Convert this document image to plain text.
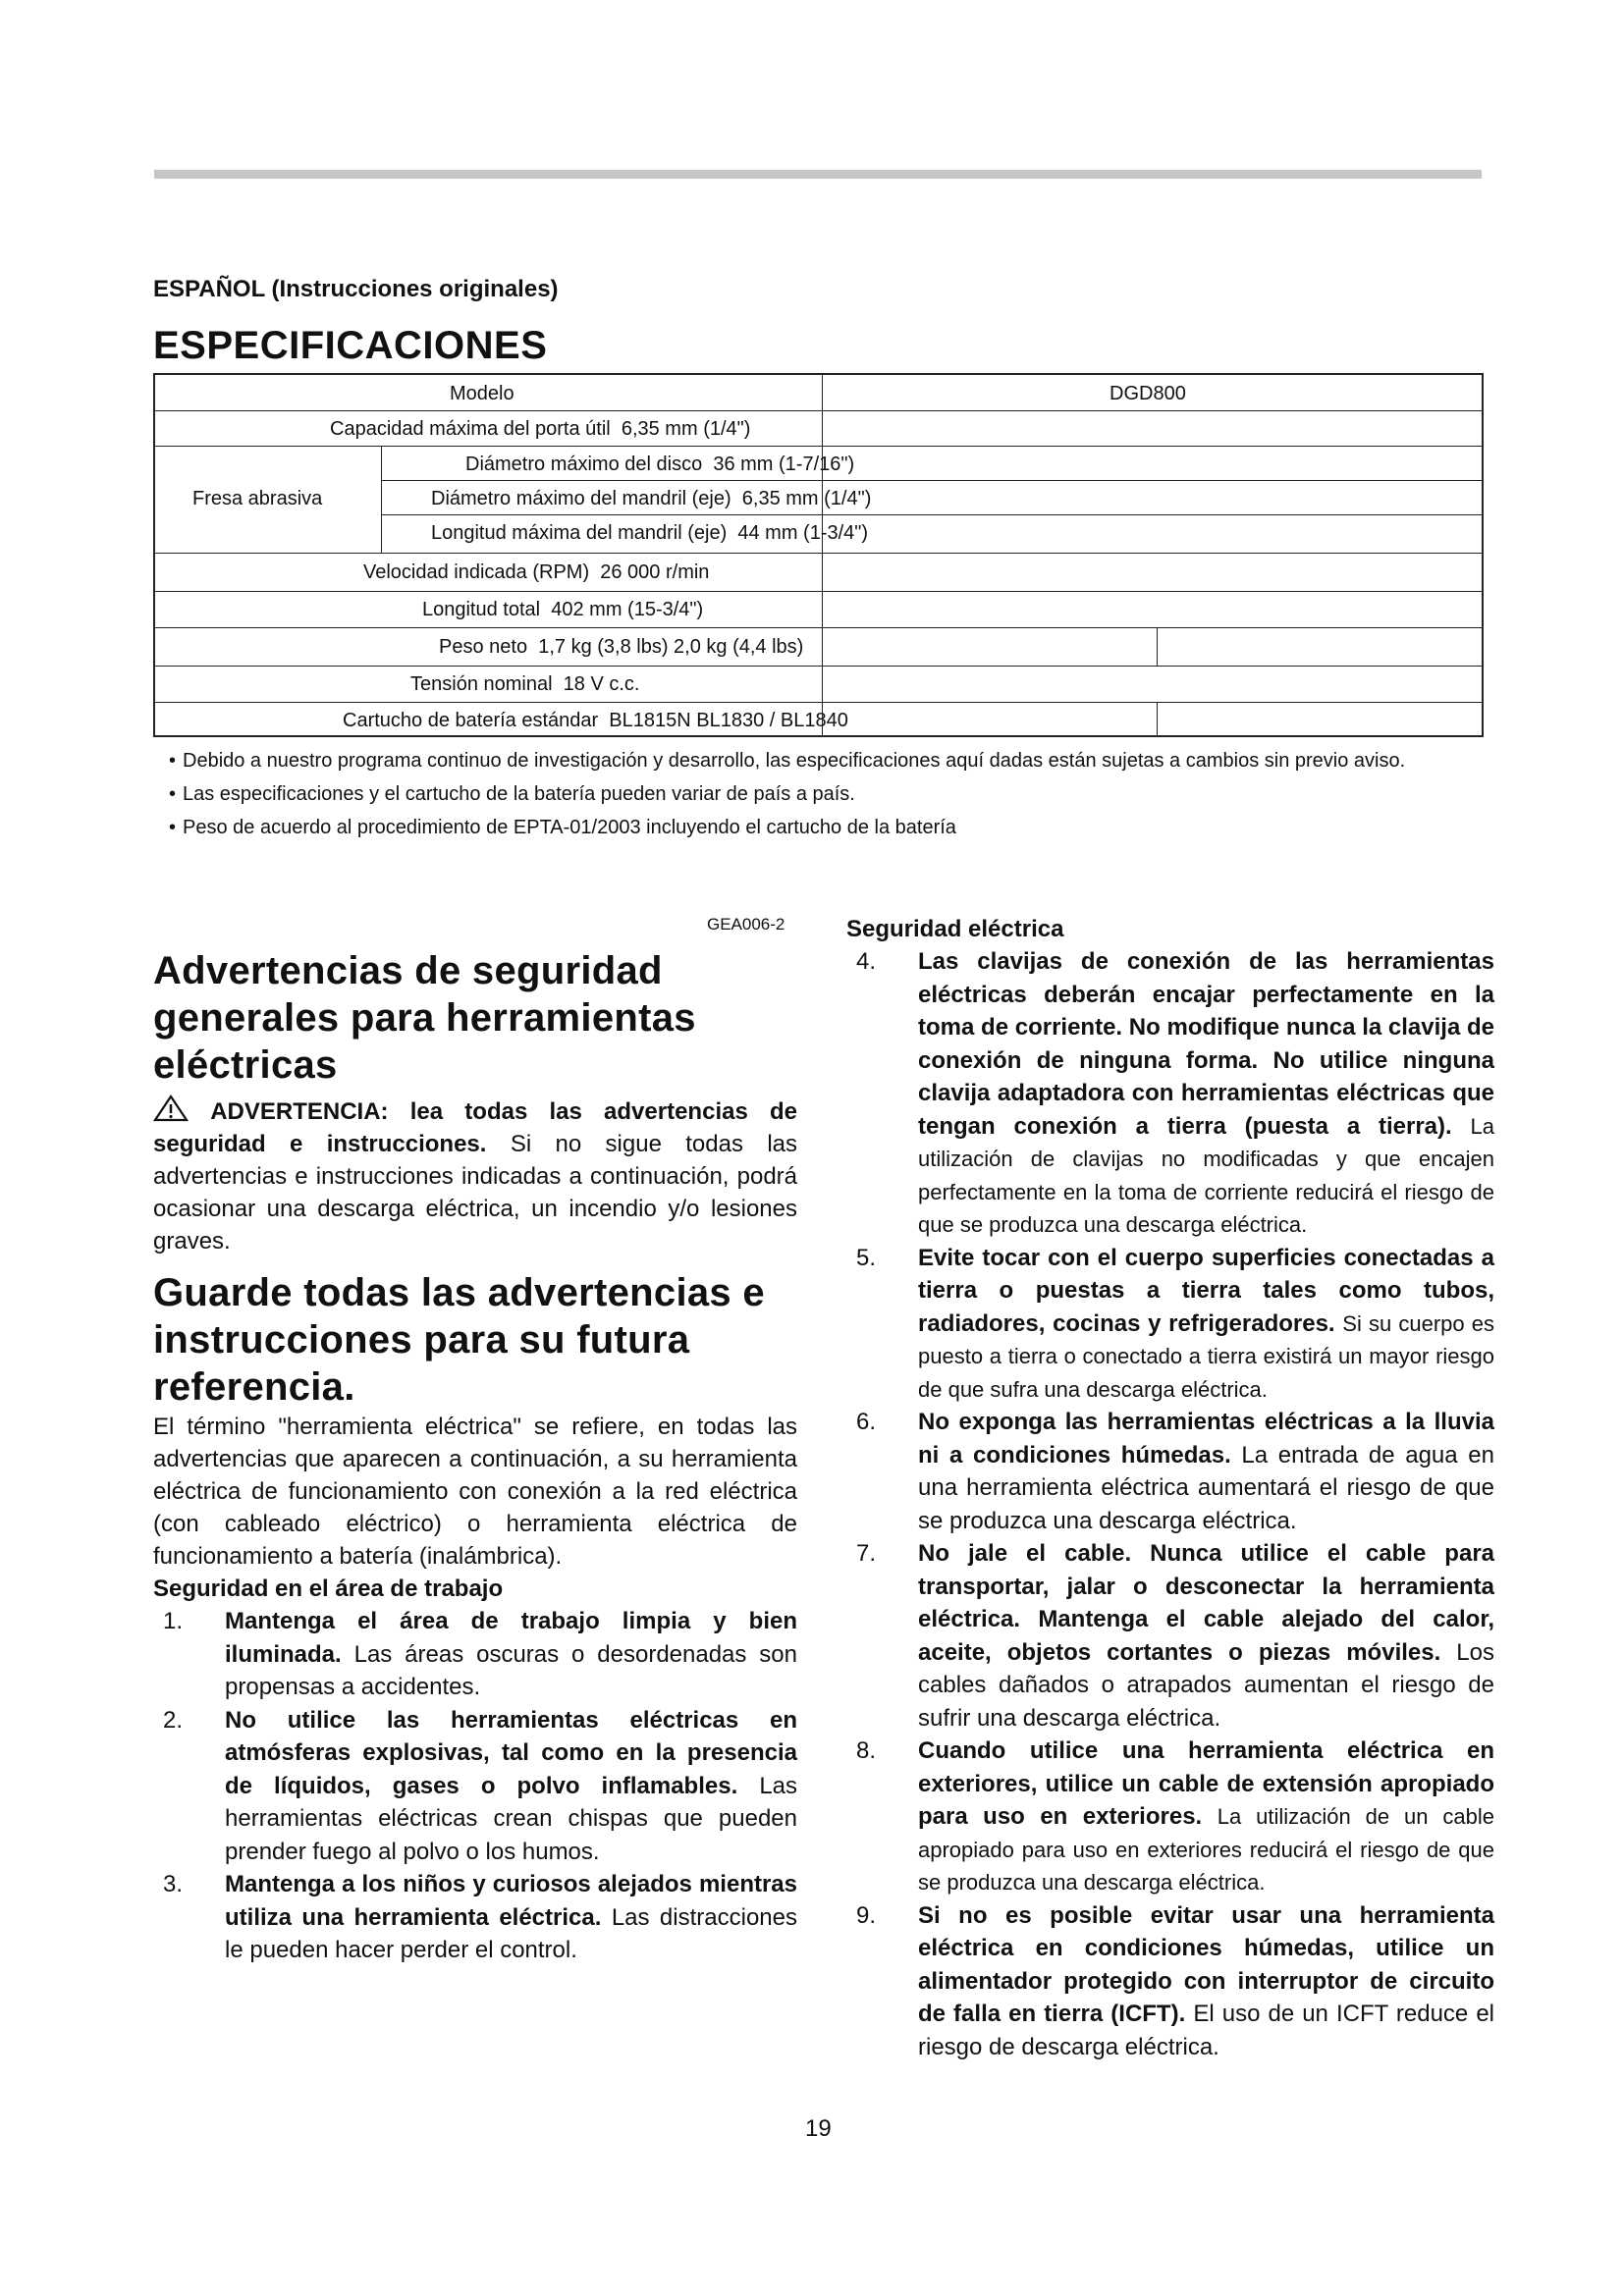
ESPAÑOL (Instrucciones originales)
ESPECIFICACIONES
Modelo	DGD800
Capacidad máxima del porta útil 6,35 mm (1/4")
Fresa abrasiva
Diámetro máximo del disco 36 mm (1-7/16")
Diámetro máximo del mandril (eje) 6,35 mm (1/4")
Longitud máxima del mandril (eje) 44 mm (1-3/4")
Velocidad indicada (RPM) 26 000 r/min
Longitud total 402 mm (15-3/4")
Peso neto 1,7 kg (3,8 lbs) 2,0 kg (4,4 lbs)
Tensión nominal 18 V c.c.
Cartucho de batería estándar BL1815N BL1830 / BL1840

• Debido a nuestro programa continuo de investigación y desarrollo, las especificaciones aquí dadas están sujetas a cambios sin previo aviso.

• Las especificaciones y el cartucho de la batería pueden variar de país a país.

• Peso de acuerdo al procedimiento de EPTA-01/2003 incluyendo el cartucho de la batería

GEA006-2
Advertencias de seguridad generales para herramientas eléctricas

ADVERTENCIA: lea todas las advertencias de seguridad e instrucciones. Si no sigue todas las advertencias e instrucciones indicadas a continuación, podrá ocasionar una descarga eléctrica, un incendio y/o lesiones graves.

Guarde todas las advertencias e instrucciones para su futura referencia.

El término "herramienta eléctrica" se refiere, en todas las advertencias que aparecen a continuación, a su herramienta eléctrica de funcionamiento con conexión a la red eléctrica (con cableado eléctrico) o herramienta eléctrica de funcionamiento a batería (inalámbrica).

Seguridad en el área de trabajo

1. Mantenga el área de trabajo limpia y bien iluminada. Las áreas oscuras o desordenadas son propensas a accidentes.

2. No utilice las herramientas eléctricas en atmósferas explosivas, tal como en la presencia de líquidos, gases o polvo inflamables. Las herramientas eléctricas crean chispas que pueden prender fuego al polvo o los humos.

3. Mantenga a los niños y curiosos alejados mientras utiliza una herramienta eléctrica. Las distracciones le pueden hacer perder el control.

Seguridad eléctrica

4. Las clavijas de conexión de las herramientas eléctricas deberán encajar perfectamente en la toma de corriente. No modifique nunca la clavija de conexión de ninguna forma. No utilice ninguna clavija adaptadora con herramientas eléctricas que tengan conexión a tierra (puesta a tierra). La utilización de clavijas no modificadas y que encajen perfectamente en la toma de corriente reducirá el riesgo de que se produzca una descarga eléctrica.

5. Evite tocar con el cuerpo superficies conectadas a tierra o puestas a tierra tales como tubos, radiadores, cocinas y refrigeradores. Si su cuerpo es puesto a tierra o conectado a tierra existirá un mayor riesgo de que sufra una descarga eléctrica.

6. No exponga las herramientas eléctricas a la lluvia ni a condiciones húmedas. La entrada de agua en una herramienta eléctrica aumentará el riesgo de que se produzca una descarga eléctrica.

7. No jale el cable. Nunca utilice el cable para transportar, jalar o desconectar la herramienta eléctrica. Mantenga el cable alejado del calor, aceite, objetos cortantes o piezas móviles. Los cables dañados o atrapados aumentan el riesgo de sufrir una descarga eléctrica.

8. Cuando utilice una herramienta eléctrica en exteriores, utilice un cable de extensión apropiado para uso en exteriores. La utilización de un cable apropiado para uso en exteriores reducirá el riesgo de que se produzca una descarga eléctrica.

9. Si no es posible evitar usar una herramienta eléctrica en condiciones húmedas, utilice un alimentador protegido con interruptor de circuito de falla en tierra (ICFT). El uso de un ICFT reduce el riesgo de descarga eléctrica.

19
